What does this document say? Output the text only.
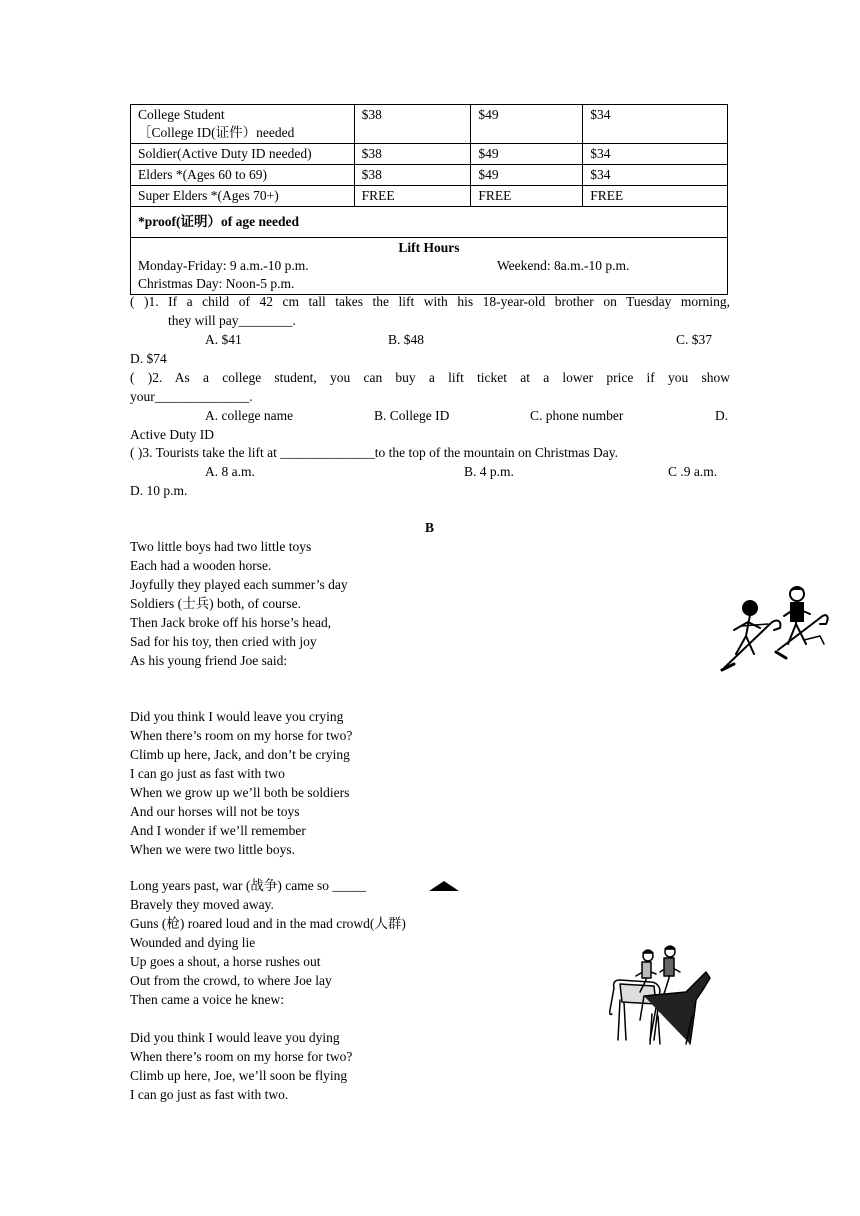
College Student
［College ID(证件）needed	$38	$49	$34
Soldier(Active Duty ID needed)	$38	$49	$34
Elders *(Ages 60 to 69)	$38	$49	$34
Super Elders *(Ages 70+)	FREE	FREE	FREE
*proof(证明）of age needed			

Lift Hours
Monday-Friday: 9 a.m.-10 p.m. Weekend: 8a.m.-10 p.m.
Christmas Day: Noon-5 p.m.			
( )1. If a child of 42 cm tall takes the lift with his 18-year-old brother on Tuesday morning,
they will pay________.
A. $41	B. $48	C. $37
D. $74
( )2. As a college student, you can buy a lift ticket at a lower price if you show
your______________.
A. college name	B. College ID	C. phone number	D.
Active Duty ID
( )3. Tourists take the lift at ______________to the top of the mountain on Christmas Day.
A. 8 a.m.	B. 4 p.m.	C .9 a.m.
D. 10 p.m.
B
Two little boys had two little toys
Each had a wooden horse.
Joyfully they played each summer’s day
Soldiers (士兵) both, of course.
Then Jack broke off his horse’s head,
Sad for his toy, then cried with joy
As his young friend Joe said:
Did you think I would leave you crying
When there’s room on my horse for two?
Climb up here, Jack, and don’t be crying
I can go just as fast with two
When we grow up we’ll both be soldiers
And our horses will not be toys
And I wonder if we’ll remember
When we were two little boys.
Long years past, war (战争) came so _____
Bravely they moved away.
Guns (枪) roared loud and in the mad crowd(人群)
Wounded and dying lie
Up goes a shout, a horse rushes out
Out from the crowd, to where Joe lay
Then came a voice he knew:
Did you think I would leave you dying
When there’s room on my horse for two?
Climb up here, Joe, we’ll soon be flying
I can go just as fast with two.
